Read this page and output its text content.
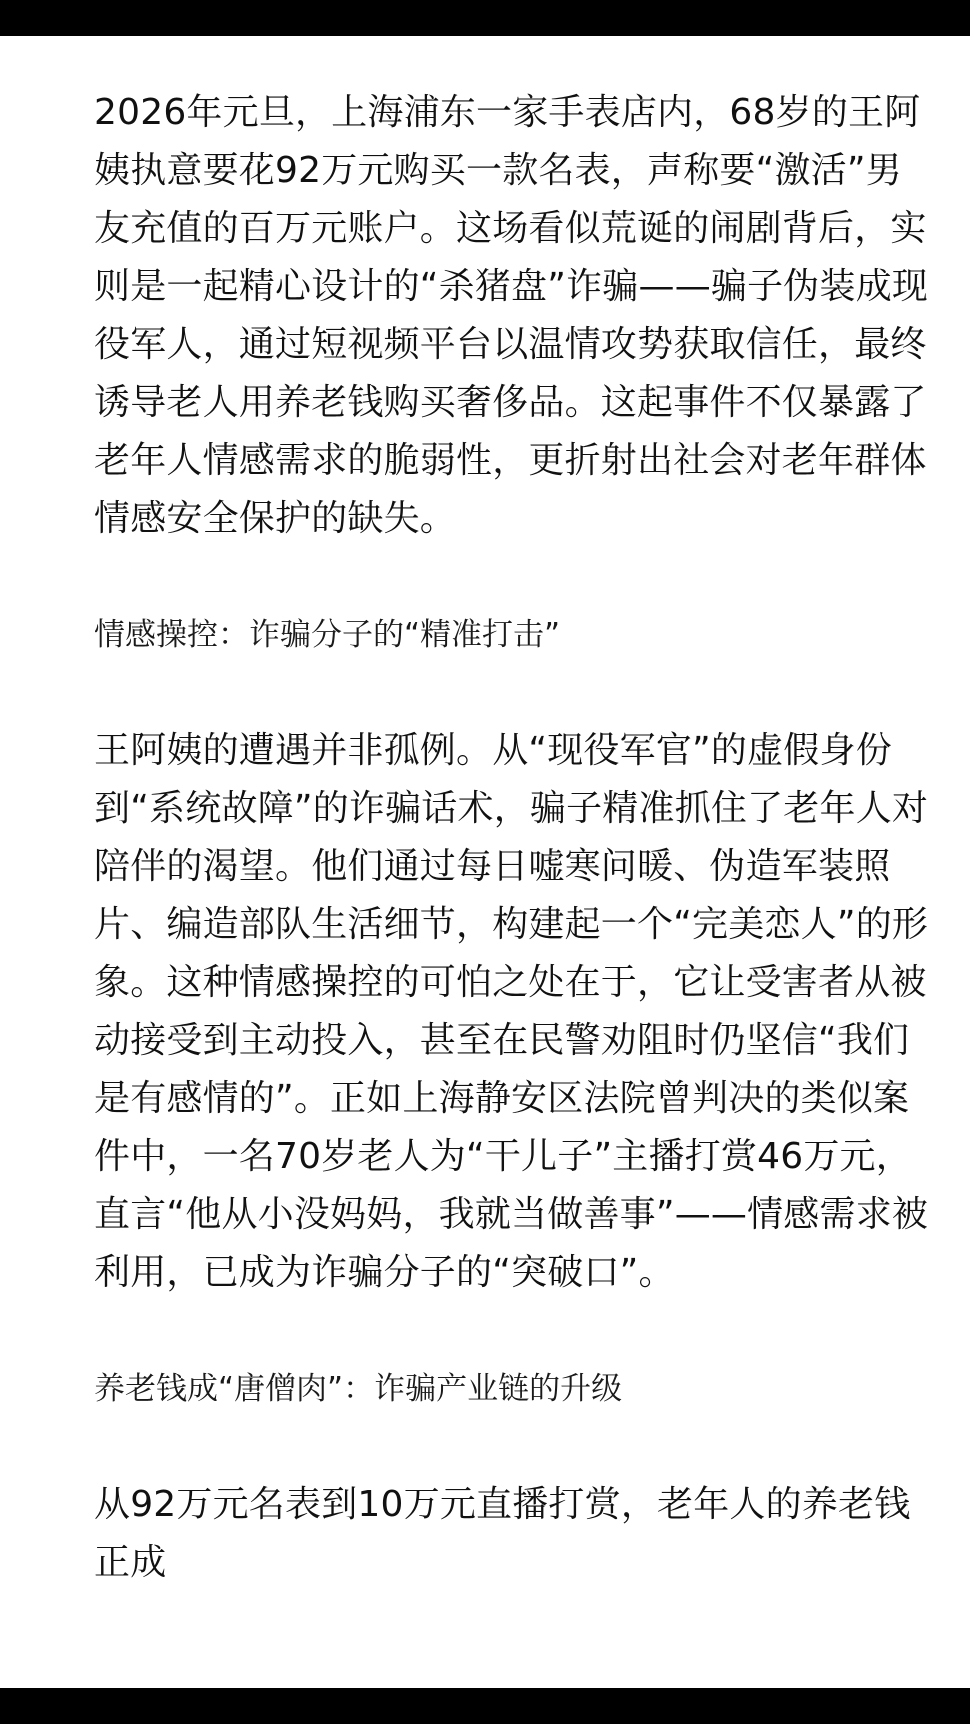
2026年元旦，上海浦东一家手表店内，68岁的王阿姨执意要花92万元购买一款名表，声称要“激活”男友充值的百万元账户。这场看似荒诞的闹剧背后，实则是一起精心设计的“杀猪盘”诈骗——骗子伪装成现役军人，通过短视频平台以温情攻势获取信任，最终诱导老人用养老钱购买奢侈品。这起事件不仅暴露了老年人情感需求的脆弱性，更折射出社会对老年群体情感安全保护的缺失。

情感操控：诈骗分子的“精准打击”

王阿姨的遭遇并非孤例。从“现役军官”的虚假身份到“系统故障”的诈骗话术，骗子精准抓住了老年人对陪伴的渴望。他们通过每日嘘寒问暖、伪造军装照片、编造部队生活细节，构建起一个“完美恋人”的形象。这种情感操控的可怕之处在于，它让受害者从被动接受到主动投入，甚至在民警劝阻时仍坚信“我们是有感情的”。正如上海静安区法院曾判决的类似案件中，一名70岁老人为“干儿子”主播打赏46万元，直言“他从小没妈妈，我就当做善事”——情感需求被利用，已成为诈骗分子的“突破口”。

养老钱成“唐僧肉”：诈骗产业链的升级

从92万元名表到10万元直播打赏，老年人的养老钱正成
